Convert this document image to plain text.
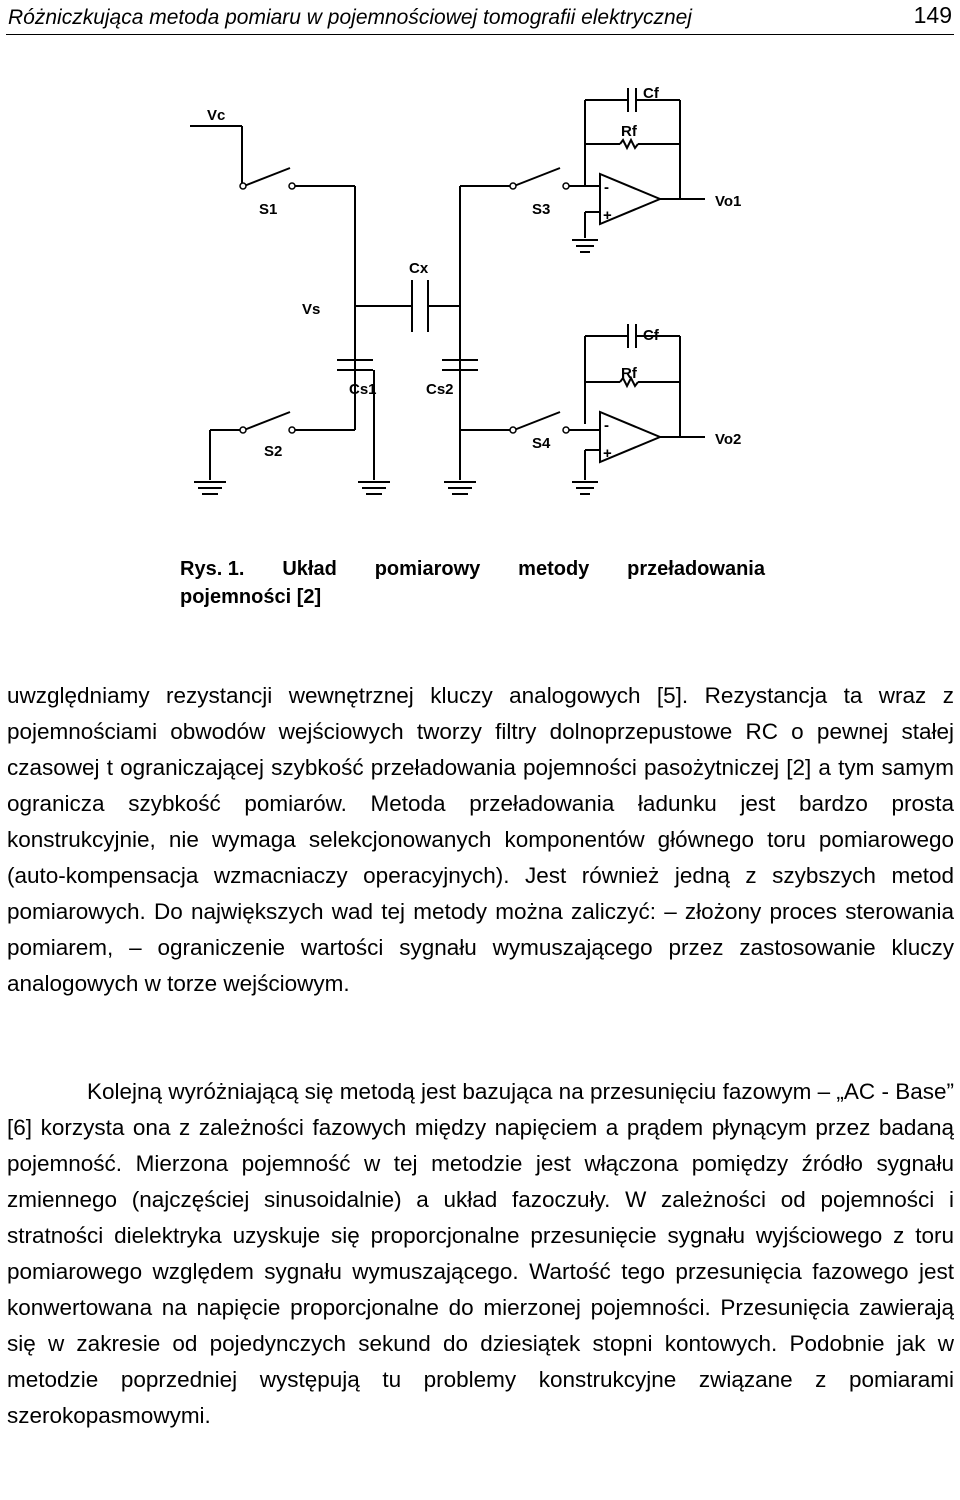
Różniczkująca metoda pomiaru w pojemnościowej tomografii elektrycznej	149
Vc
S1
S2
S3
S4
Vs
Cx
Cs1	Cs2
Cf
Rf
Cf
Rf
Vo1
Vo2
-
+
-
+
Rys. 1. Układ pomiarowy metody przeładowania
pojemności [2]

uwzględniamy rezystancji wewnętrznej kluczy analogowych [5]. Rezystancja ta wraz z pojemnościami obwodów wejściowych tworzy filtry dolnoprzepustowe RC o pewnej stałej czasowej t ograniczającej szybkość przeładowania pojemności pasożytniczej [2] a tym samym ogranicza szybkość pomiarów. Metoda przeładowania ładunku jest bardzo prosta konstrukcyjnie, nie wymaga selekcjonowanych komponentów głównego toru pomiarowego (auto-kompensacja wzmacniaczy operacyjnych). Jest również jedną z szybszych metod pomiarowych. Do największych wad tej metody można zaliczyć: – złożony proces sterowania pomiarem, – ograniczenie wartości sygnału wymuszającego przez zastosowanie kluczy analogowych w torze wejściowym.

Kolejną wyróżniającą się metodą jest bazująca na przesunięciu fazowym – „AC - Base” [6] korzysta ona z zależności fazowych między napięciem a prądem płynącym przez badaną pojemność. Mierzona pojemność w tej metodzie jest włączona pomiędzy źródło sygnału zmiennego (najczęściej sinusoidalnie) a układ fazoczuły. W zależności od pojemności i stratności dielektryka uzyskuje się proporcjonalne przesunięcie sygnału wyjściowego z toru pomiarowego względem sygnału wymuszającego. Wartość tego przesunięcia fazowego jest konwertowana na napięcie proporcjonalne do mierzonej pojemności. Przesunięcia zawierają się w zakresie od pojedynczych sekund do dziesiątek stopni kontowych. Podobnie jak w metodzie poprzedniej występują tu problemy konstrukcyjne związane z pomiarami szerokopasmowymi.
